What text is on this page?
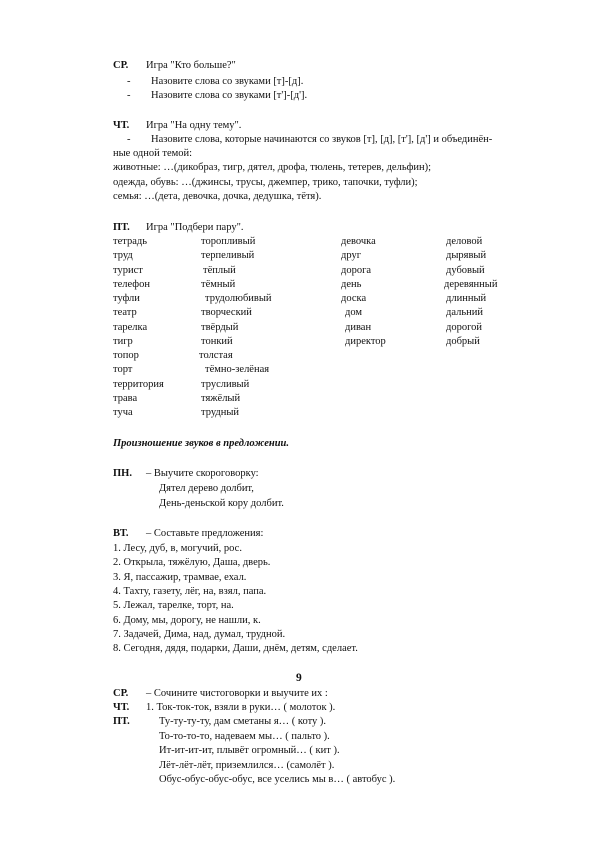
СР. Игра "Кто больше?"
- Назовите слова со звуками [т]-[д].
- Назовите слова со звуками [т']-[д'].
ЧТ. Игра "На одну тему".
- Назовите слова, которые начинаются со звуков [т], [д], [т'], [д'] и объединён-
ные одной темой:
животные: …(дикобраз, тигр, дятел, дрофа, тюлень, тетерев, дельфин);
одежда, обувь: …(джинсы, трусы, джемпер, трико, тапочки, туфли);
семья: …(дета, девочка, дочка, дедушка, тётя).
ПТ. Игра "Подбери пару".
тетрадь
труд
турист
телефон
туфли
театр
тарелка
тигр
топор
торт
территория
трава
туча
торопливый
терпеливый
тёплый
тёмный
трудолюбивый
творческий
твёрдый
тонкий
толстая
тёмно-зелёная
трусливый
тяжёлый
трудный
девочка
друг
дорога
день
доска
дом
диван
директор
деловой
дырявый
дубовый
деревянный
длинный
дальний
дорогой
добрый
Произношение звуков в предложении.
ПН. – Выучите скороговорку:
Дятел дерево долбит,
День-деньской кору долбит.
ВТ. – Составьте предложения:
1. Лесу, дуб, в, могучий, рос.
2. Открыла, тяжёлую, Даша, дверь.
3. Я, пассажир, трамвае, ехал.
4. Тахту, газету, лёг, на, взял, папа.
5. Лежал, тарелке, торт, на.
6. Дому, мы, дорогу, не нашли, к.
7. Задачей, Дима, над, думал, трудной.
8. Сегодня, дядя, подарки, Даши, днём, детям, сделает.
9
СР. – Сочините чистоговорки и выучите их :
ЧТ. 1. Ток-ток-ток, взяли в руки… ( молоток ).
ПТ.	Ту-ту-ту-ту, дам сметаны я… ( коту ).
То-то-то-то, надеваем мы… ( пальто ).
Ит-ит-ит-ит, плывёт огромный… ( кит ).
Лёт-лёт-лёт, приземлился… (самолёт ).
Обус-обус-обус-обус, все уселись мы в… ( автобус ).
